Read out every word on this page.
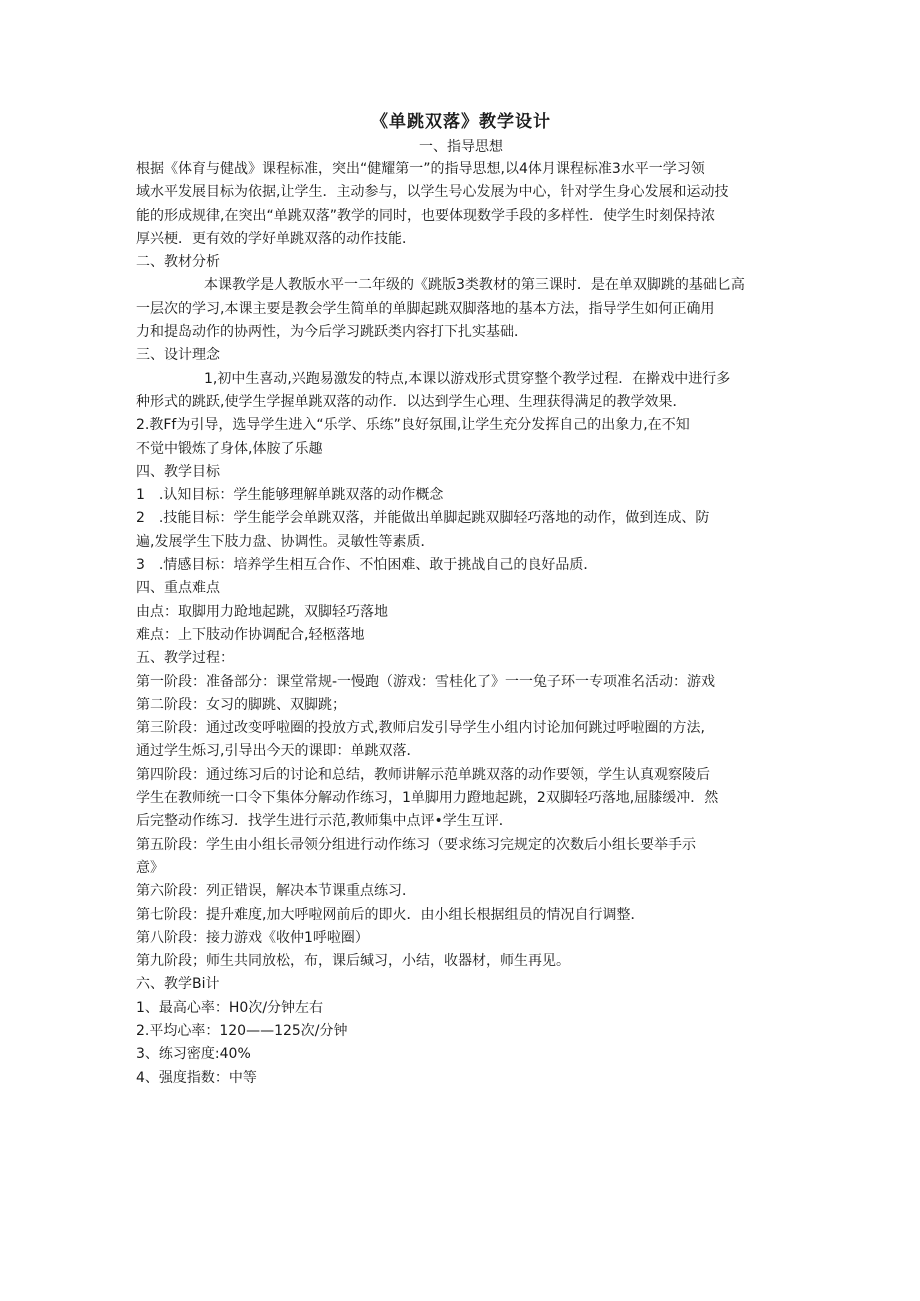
《单跳双落》教学设计
一、指导思想

根据《体育与健战》课程标准，突出“健耀第一”的指导思想,以4体月课程标准3水平一学习领

域水平发展目标为依据,让学生．主动参与，以学生号心发展为中心，针对学生身心发展和运动技

能的形成规律,在突出“单跳双落”教学的同时，也要体现数学手段的多样性．使学生时刻保持浓

厚兴梗．更有效的学好单跳双落的动作技能．

二、教材分析

本课教学是人教版水平一二年级的《跳版3类教材的第三课时．是在单双脚跳的基础匕高

一层次的学习,本课主要是教会学生简单的单脚起跳双脚落地的基本方法，指导学生如何正确用

力和提岛动作的协两性，为今后学习跳跃类内容打下扎实基础．

三、设计理念

1,初中生喜动,兴跑易激发的特点,本课以游戏形式贯穿整个教学过程．在擀戏中进行多

种形式的跳跃,使学生学握单跳双落的动作．以达到学生心理、生理获得满足的教学效果．

2.教Ff为引导，选导学生进入“乐学、乐练”良好氛围,让学生充分发挥自己的出象力,在不知

不觉中锻炼了身体,体胺了乐趣

四、教学目标

1　.认知目标：学生能够理解单跳双落的动作概念

2　.技能目标：学生能学会单跳双落，并能做出单脚起跳双脚轻巧落地的动作，做到连成、防

遍,发展学生下肢力盘、协调性。灵敏性等素质．

3　.情感目标：培养学生相互合作、不怕困难、敢于挑战自己的良好品质．

四、重点难点

由点：取脚用力跄地起跳，双脚轻巧落地

难点：上下肢动作协调配合,轻柩落地

五、教学过程：

第一阶段：准备部分：课堂常规-一慢跑（游戏：雪桂化了》一一兔子环一专项准名活动：游戏

第二阶段：女习的脚跳、双脚跳；

第三阶段：通过改变呼啦圈的投放方式,教师启发引导学生小组内讨论加何跳过呼啦圈的方法,

通过学生烁习,引导出今天的课即：单跳双落．

第四阶段：通过练习后的讨论和总结，教师讲解示范单跳双落的动作要领，学生认真观察陵后

学生在教师统一口令下集体分解动作练习，1单脚用力蹬地起跳，2双脚轻巧落地,屈膝缓冲．然

后完整动作练习．找学生进行示范,教师集中点评•学生互评．

第五阶段：学生由小组长帚领分组进行动作练习（要求练习完规定的次数后小组长要举手示

意》

第六阶段：列正错误，解决本节课重点练习．

第七阶段：提升难度,加大呼啦网前后的即火．由小组长根据组员的情况自行调整．

第八阶段：接力游戏《收仲1呼啦圈）

第九阶段；师生共同放松，布，课后缄习，小结，收器材，师生再见。

六、教学Bi计

1、最高心率：H0次/分钟左右

2.平均心率：120——125次/分钟

3、练习密度:40%

4、强度指数：中等
